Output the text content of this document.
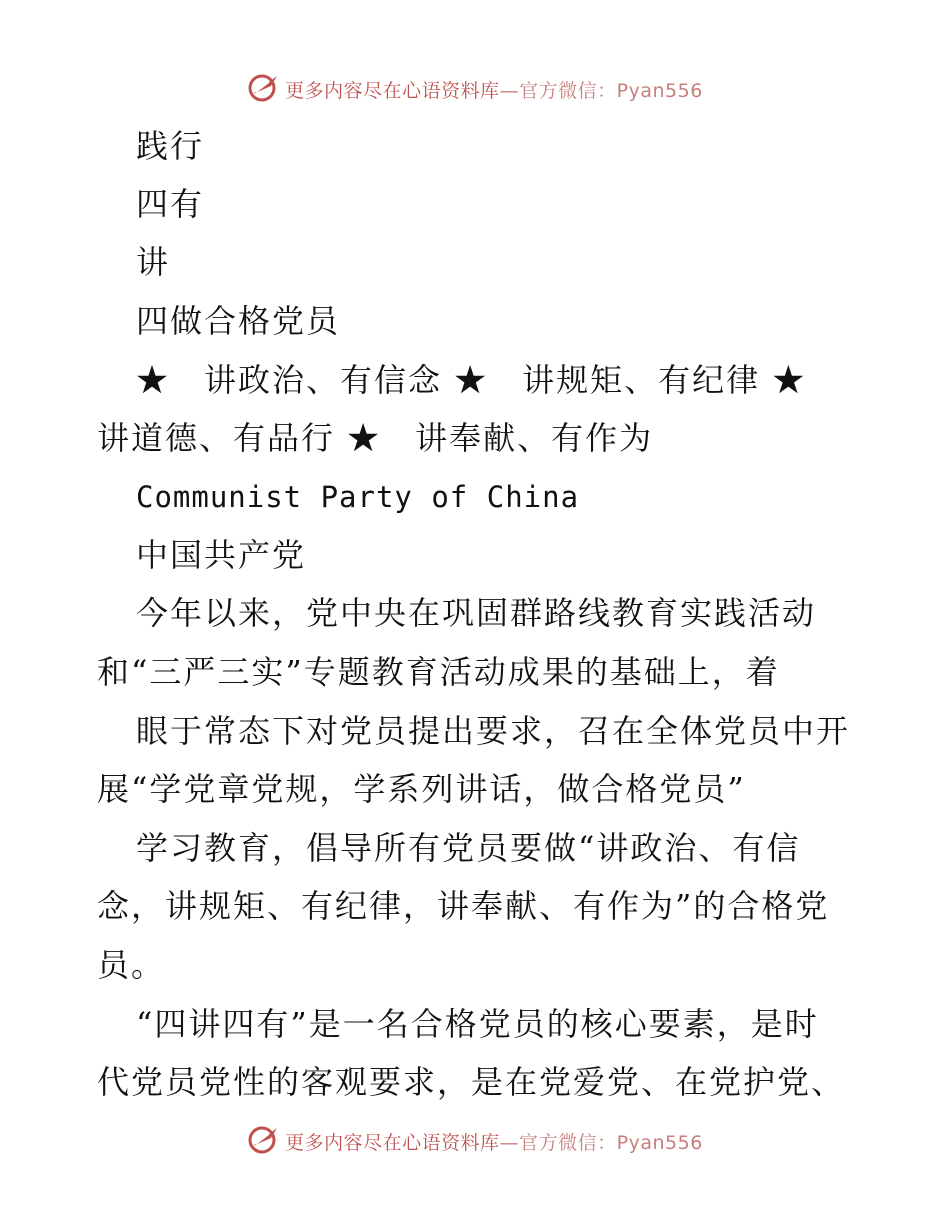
更多内容尽在心语资料库—官方微信：Pyan556
践行
四有
讲
四做合格党员
★　讲政治、有信念 ★　讲规矩、有纪律 ★
讲道德、有品行 ★　讲奉献、有作为
Communist Party of China
中国共产党
今年以来，党中央在巩固群路线教育实践活动
和“三严三实”专题教育活动成果的基础上，着
眼于常态下对党员提出要求，召在全体党员中开
展“学党章党规，学系列讲话，做合格党员”
学习教育，倡导所有党员要做“讲政治、有信
念，讲规矩、有纪律，讲奉献、有作为”的合格党
员。
“四讲四有”是一名合格党员的核心要素，是时
代党员党性的客观要求，是在党爱党、在党护党、
更多内容尽在心语资料库—官方微信：Pyan556
